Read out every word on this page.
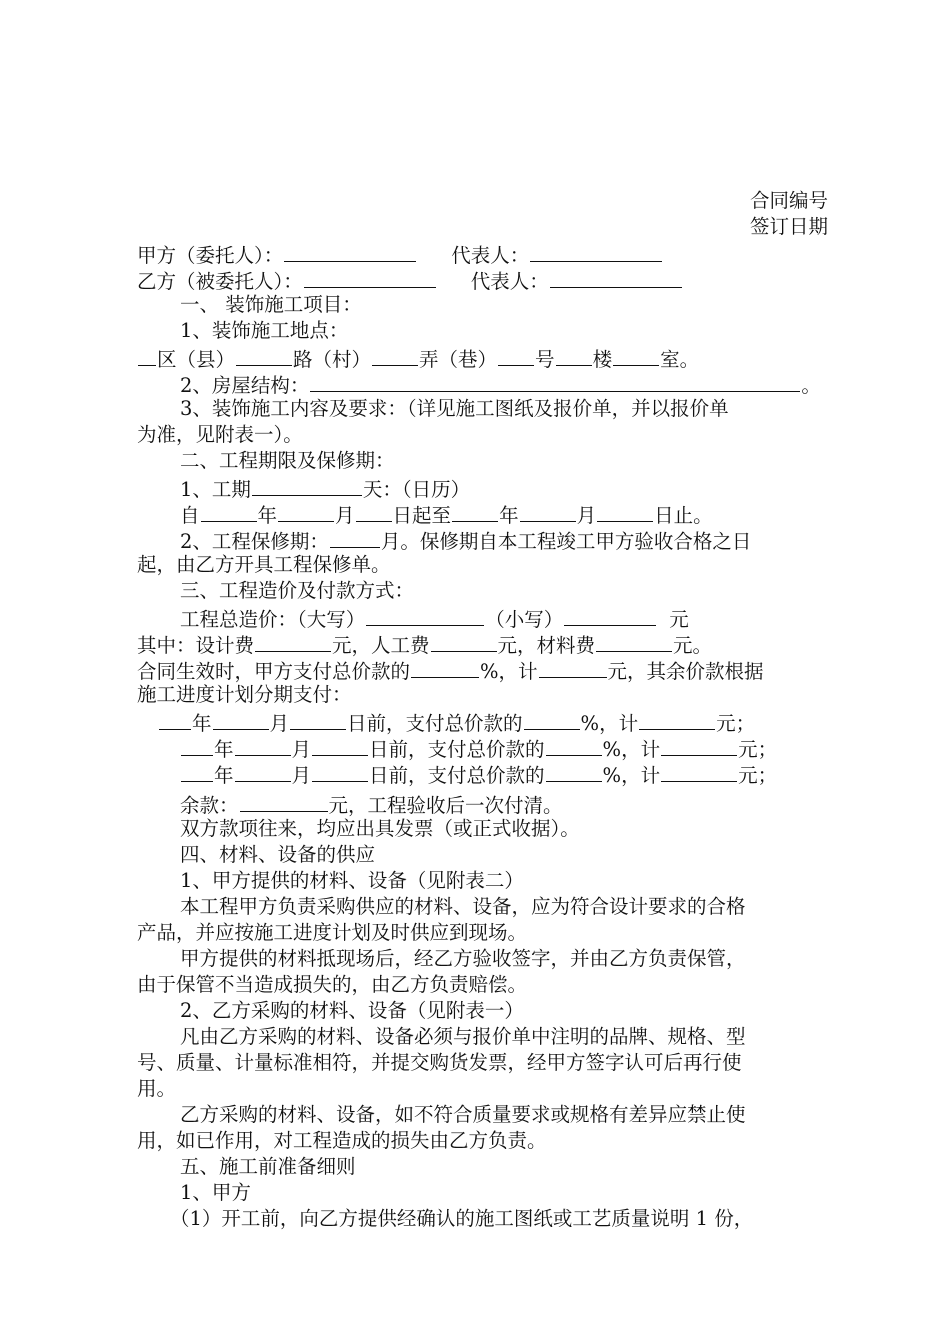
合同编号
签订日期
甲方（委托人）：	代表人：
乙方（被委托人）：	代表人：
一、 装饰施工项目：
1、装饰施工地点：
区（县）	路（村） 弄（巷） 号 楼 室。
2、房屋结构：	。
3、装饰施工内容及要求：（详见施工图纸及报价单，并以报价单
为准，见附表一）。
二、工程期限及保修期：
1、工期	天：（日历）
自	年	月 日起至 年	月	日止。
2、工程保修期：	月。保修期自本工程竣工甲方验收合格之日
起，由乙方开具工程保修单。
三、工程造价及付款方式：
工程总造价：（大写）	（小写）	元
其中：设计费	元，人工费	元，材料费	元。
合同生效时，甲方支付总价款的	%，计	元，其余价款根据
施工进度计划分期支付：
年	月	日前，支付总价款的	%，计	元；
年	月	日前，支付总价款的	%，计	元；
年	月	日前，支付总价款的	%，计	元；
余款：	元，工程验收后一次付清。
双方款项往来，均应出具发票（或正式收据）。
四、材料、设备的供应
1、甲方提供的材料、设备（见附表二）
本工程甲方负责采购供应的材料、设备，应为符合设计要求的合格
产品，并应按施工进度计划及时供应到现场。
甲方提供的材料抵现场后，经乙方验收签字，并由乙方负责保管，
由于保管不当造成损失的，由乙方负责赔偿。
2、乙方采购的材料、设备（见附表一）
凡由乙方采购的材料、设备必须与报价单中注明的品牌、规格、型
号、质量、计量标准相符，并提交购货发票，经甲方签字认可后再行使
用。
乙方采购的材料、设备，如不符合质量要求或规格有差异应禁止使
用，如已作用，对工程造成的损失由乙方负责。
五、施工前准备细则
1、甲方
（1）开工前，向乙方提供经确认的施工图纸或工艺质量说明 1 份，
